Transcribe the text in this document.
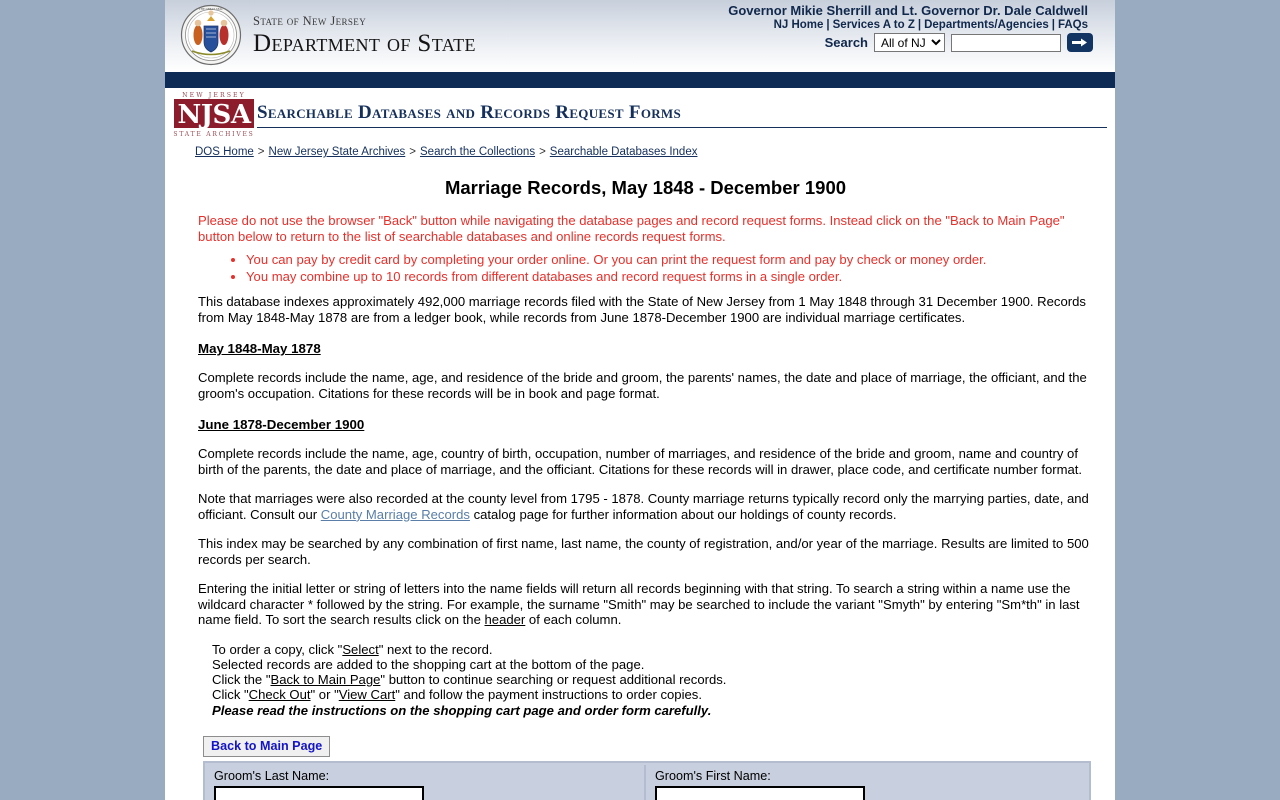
THE GREAT SEAL
State of New Jersey
Department of State
Governor Mikie Sherrill and Lt. Governor Dr. Dale Caldwell
NJ Home | Services A to Z | Departments/Agencies | FAQs
Search
All of NJ
NEW JERSEY
NJSA
STATE ARCHIVES
Searchable Databases and Records Request Forms
DOS Home > New Jersey State Archives > Search the Collections > Searchable Databases Index
Marriage Records, May 1848 - December 1900

Please do not use the browser "Back" button while navigating the database pages and record request forms. Instead click on the "Back to Main Page" button below to return to the list of searchable databases and online records request forms.

• You can pay by credit card by completing your order online. Or you can print the request form and pay by check or money order.
• You may combine up to 10 records from different databases and record request forms in a single order.

This database indexes approximately 492,000 marriage records filed with the State of New Jersey from 1 May 1848 through 31 December 1900. Records from May 1848-May 1878 are from a ledger book, while records from June 1878-December 1900 are individual marriage certificates.

May 1848-May 1878

Complete records include the name, age, and residence of the bride and groom, the parents' names, the date and place of marriage, the officiant, and the groom's occupation. Citations for these records will be in book and page format.

June 1878-December 1900

Complete records include the name, age, country of birth, occupation, number of marriages, and residence of the bride and groom, name and country of birth of the parents, the date and place of marriage, and the officiant. Citations for these records will in drawer, place code, and certificate number format.

Note that marriages were also recorded at the county level from 1795 - 1878. County marriage returns typically record only the marrying parties, date, and officiant. Consult our County Marriage Records catalog page for further information about our holdings of county records.

This index may be searched by any combination of first name, last name, the county of registration, and/or year of the marriage. Results are limited to 500 records per search.

Entering the initial letter or string of letters into the name fields will return all records beginning with that string. To search a string within a name use the wildcard character * followed by the string. For example, the surname "Smith" may be searched to include the variant "Smyth" by entering "Sm*th" in last name field. To sort the search results click on the header of each column.

To order a copy, click "Select" next to the record.
Selected records are added to the shopping cart at the bottom of the page.
Click the "Back to Main Page" button to continue searching or request additional records.
Click "Check Out" or "View Cart" and follow the payment instructions to order copies.
Please read the instructions on the shopping cart page and order form carefully.
Back to Main Page
Groom's Last Name:	Groom's First Name:
